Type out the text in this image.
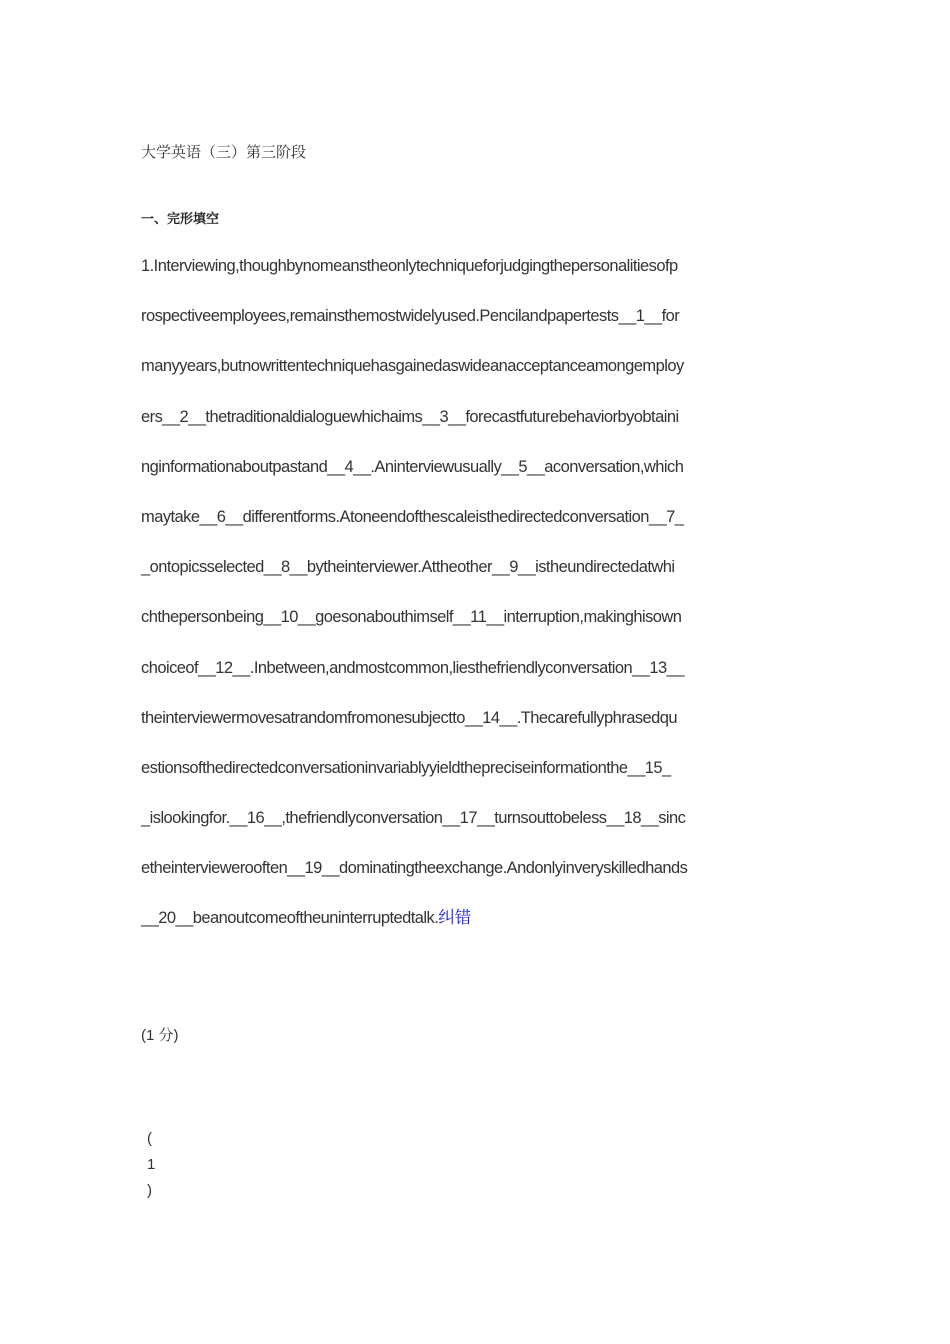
大学英语（三）第三阶段
一、完形填空
1.Interviewing,thoughbynomeanstheonlytechniqueforjudgingthepersonalitiesofp
rospectiveemployees,remainsthemostwidelyused.Pencilandpapertests__1__for
manyyears,butnowrittentechniquehasgainedaswideanacceptanceamongemploy
ers__2__thetraditionaldialoguewhichaims__3__forecastfuturebehaviorbyobtaini
nginformationaboutpastand__4__.Aninterviewusually__5__aconversation,which
maytake__6__differentforms.Atoneendofthescaleisthedirectedconversation__7_
_ontopicsselected__8__bytheinterviewer.Attheother__9__istheundirectedatwhi
chthepersonbeing__10__goesonabouthimself__11__interruption,makinghisown
choiceof__12__.Inbetween,andmostcommon,liesthefriendlyconversation__13__
theinterviewermovesatrandomfromonesubjectto__14__.Thecarefullyphrasedqu
estionsofthedirectedconversationinvariablyyieldthepreciseinformationthe__15_
_islookingfor.__16__,thefriendlyconversation__17__turnsouttobeless__18__sinc
etheinterviewerooften__19__dominatingtheexchange.Andonlyinveryskilledhands
__20__beanoutcomeoftheuninterruptedtalk.纠错
(1 分)
(
1
)
